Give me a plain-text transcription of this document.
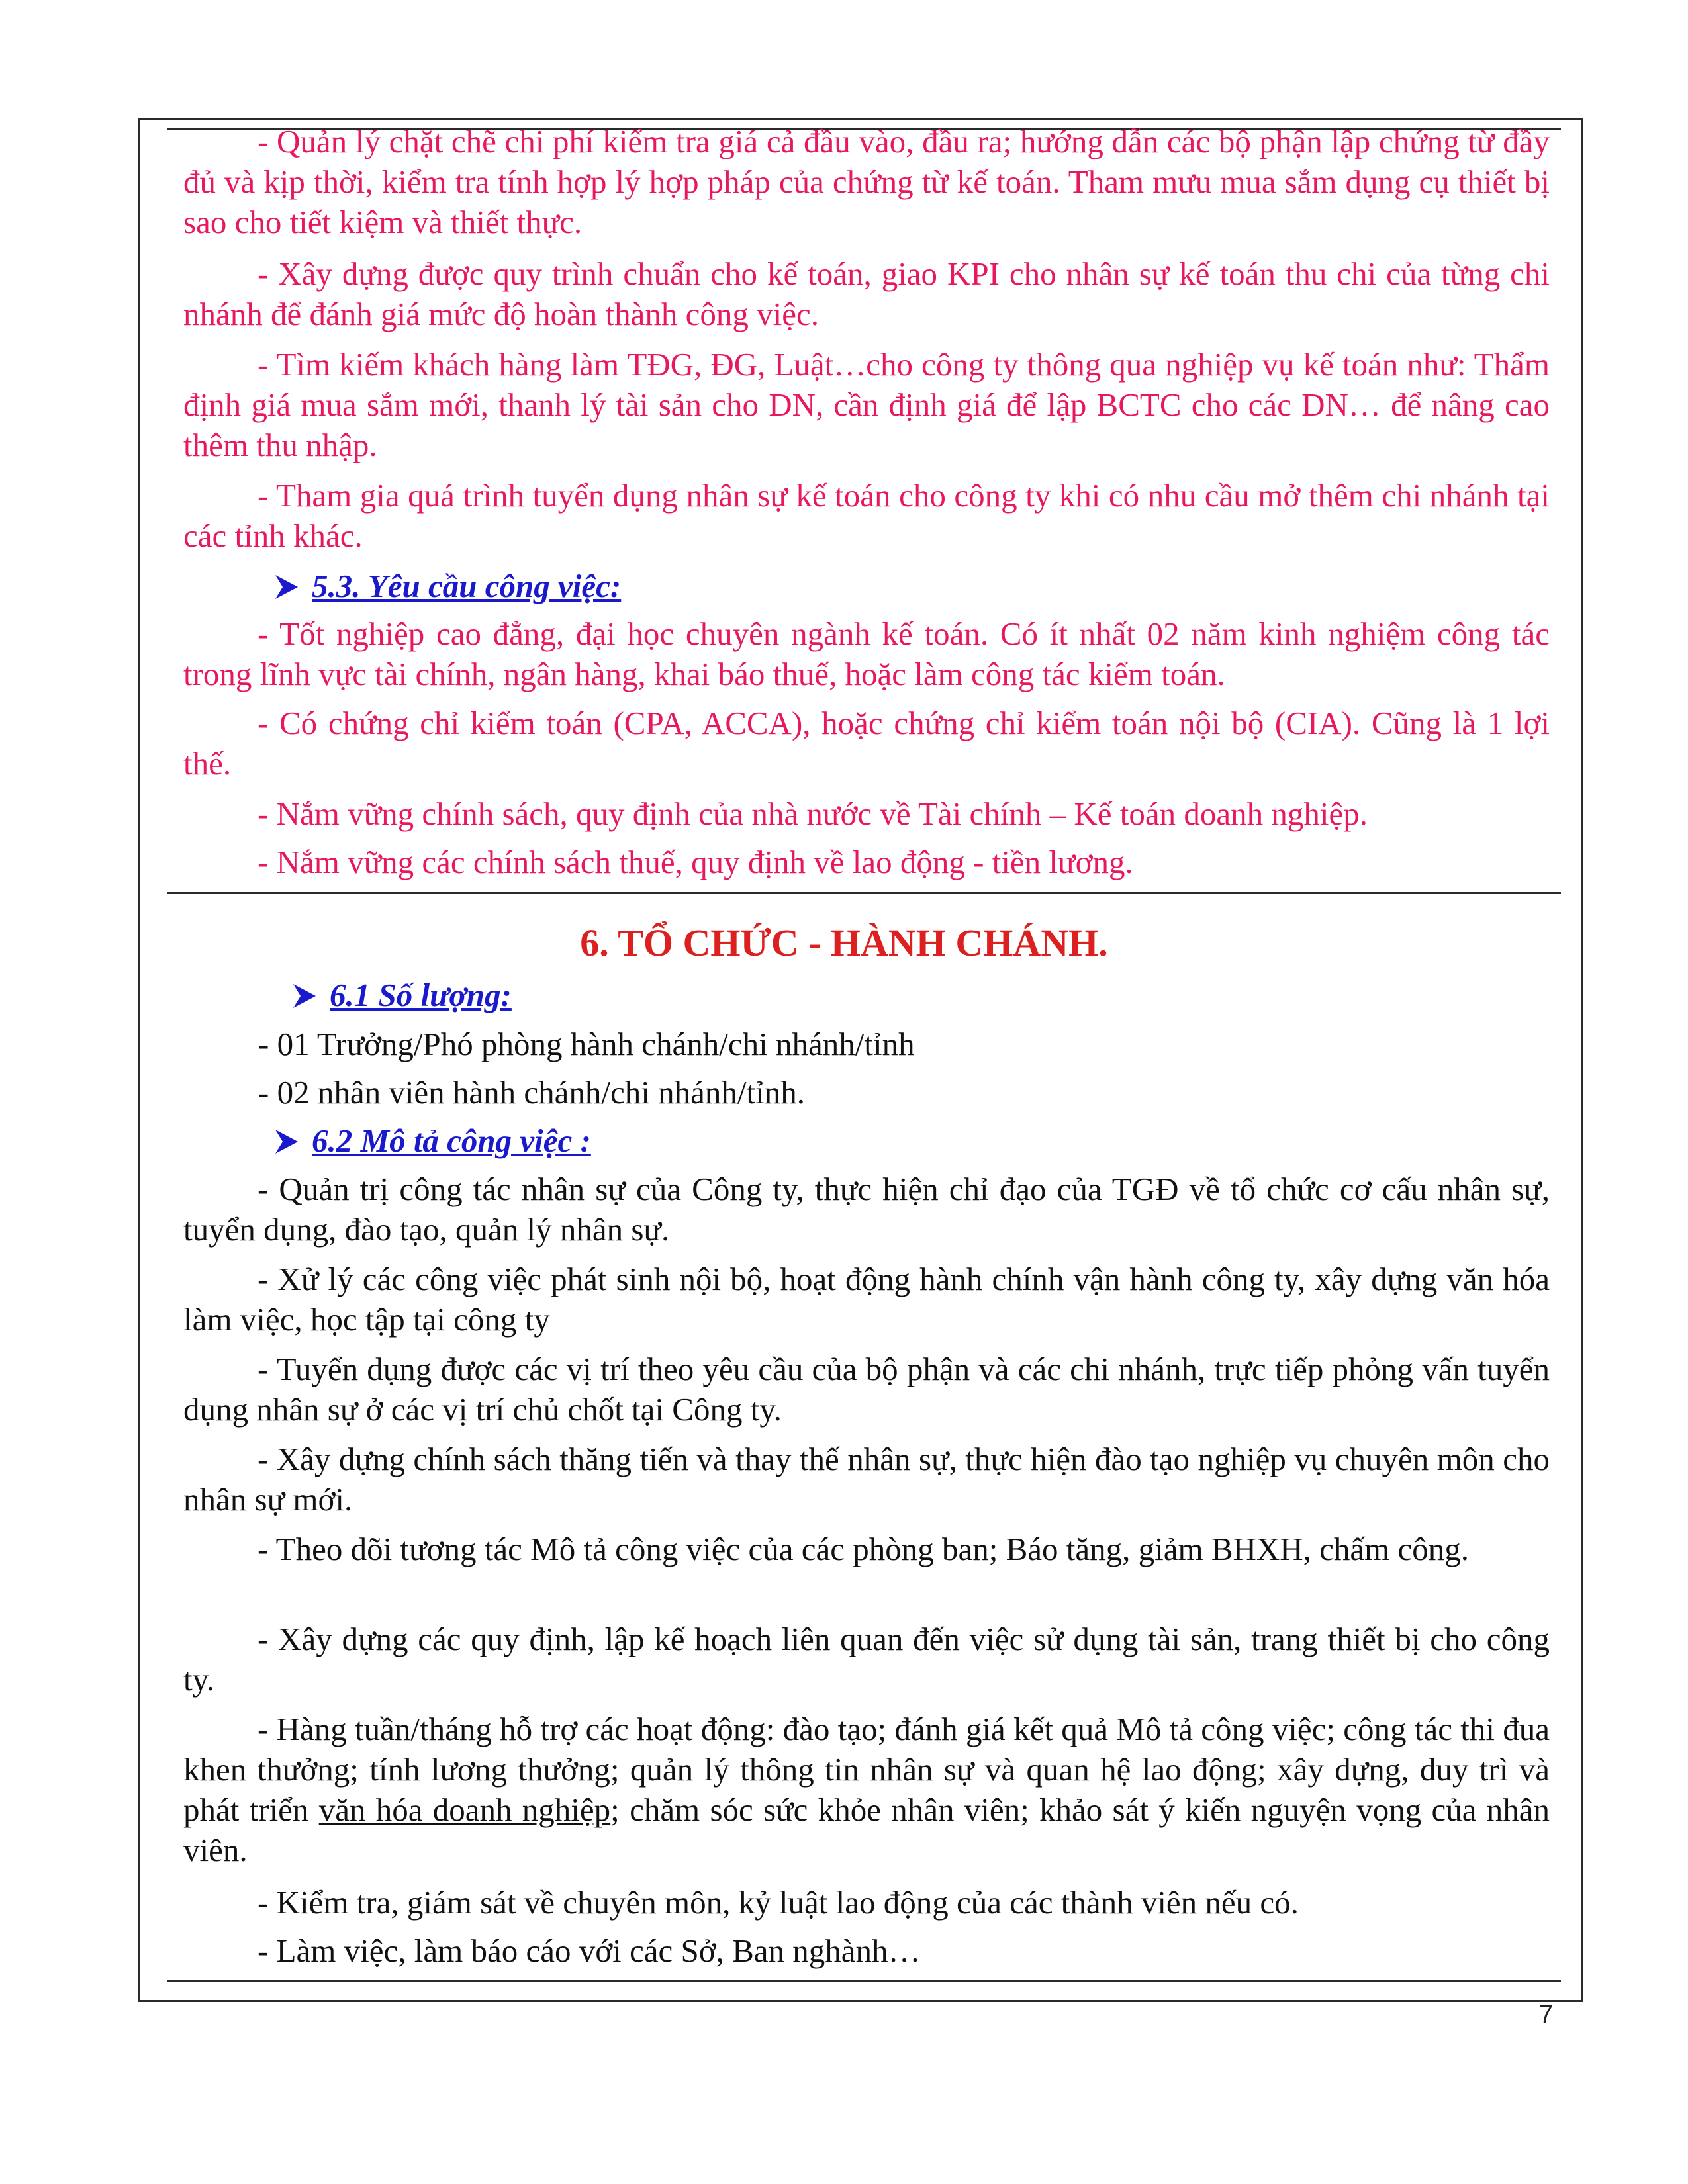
- Quản lý chặt chẽ chi phí kiểm tra giá cả đầu vào, đầu ra; hướng dẫn các bộ phận lập chứng từ đầy đủ và kịp thời, kiểm tra tính hợp lý hợp pháp của chứng từ kế toán. Tham mưu mua sắm dụng cụ thiết bị sao cho tiết kiệm và thiết thực.

- Xây dựng được quy trình chuẩn cho kế toán, giao KPI cho nhân sự kế toán thu chi của từng chi nhánh để đánh giá mức độ hoàn thành công việc.

- Tìm kiếm khách hàng làm TĐG, ĐG, Luật…cho công ty thông qua nghiệp vụ kế toán như: Thẩm định giá mua sắm mới, thanh lý tài sản cho DN, cần định giá để lập BCTC cho các DN… để nâng cao thêm thu nhập.

- Tham gia quá trình tuyển dụng nhân sự kế toán cho công ty khi có nhu cầu mở thêm chi nhánh tại các tỉnh khác.

5.3. Yêu cầu công việc:

- Tốt nghiệp cao đẳng, đại học chuyên ngành kế toán. Có ít nhất 02 năm kinh nghiệm công tác trong lĩnh vực tài chính, ngân hàng, khai báo thuế, hoặc làm công tác kiểm toán.

- Có chứng chỉ kiểm toán (CPA, ACCA), hoặc chứng chỉ kiểm toán nội bộ (CIA). Cũng là 1 lợi thế.

- Nắm vững chính sách, quy định của nhà nước về Tài chính – Kế toán doanh nghiệp.

- Nắm vững các chính sách thuế, quy định về lao động - tiền lương.

6. TỔ CHỨC - HÀNH CHÁNH.

6.1 Số lượng:

- 01 Trưởng/Phó phòng hành chánh/chi nhánh/tỉnh

- 02 nhân viên hành chánh/chi nhánh/tỉnh.

6.2 Mô tả công việc :

- Quản trị công tác nhân sự của Công ty, thực hiện chỉ đạo của TGĐ về tổ chức cơ cấu nhân sự, tuyển dụng, đào tạo, quản lý nhân sự.

- Xử lý các công việc phát sinh nội bộ, hoạt động hành chính vận hành công ty, xây dựng văn hóa làm việc, học tập tại công ty

- Tuyển dụng được các vị trí theo yêu cầu của bộ phận và các chi nhánh, trực tiếp phỏng vấn tuyển dụng nhân sự ở các vị trí chủ chốt tại Công ty.

- Xây dựng chính sách thăng tiến và thay thế nhân sự, thực hiện đào tạo nghiệp vụ chuyên môn cho nhân sự mới.

- Theo dõi tương tác Mô tả công việc của các phòng ban; Báo tăng, giảm BHXH, chấm công.

- Xây dựng các quy định, lập kế hoạch liên quan đến việc sử dụng tài sản, trang thiết bị cho công ty.

- Hàng tuần/tháng hỗ trợ các hoạt động: đào tạo; đánh giá kết quả Mô tả công việc; công tác thi đua khen thưởng; tính lương thưởng; quản lý thông tin nhân sự và quan hệ lao động; xây dựng, duy trì và phát triển văn hóa doanh nghiệp; chăm sóc sức khỏe nhân viên; khảo sát ý kiến nguyện vọng của nhân viên.

- Kiểm tra, giám sát về chuyên môn, kỷ luật lao động của các thành viên nếu có.

- Làm việc, làm báo cáo với các Sở, Ban nghành…

7
